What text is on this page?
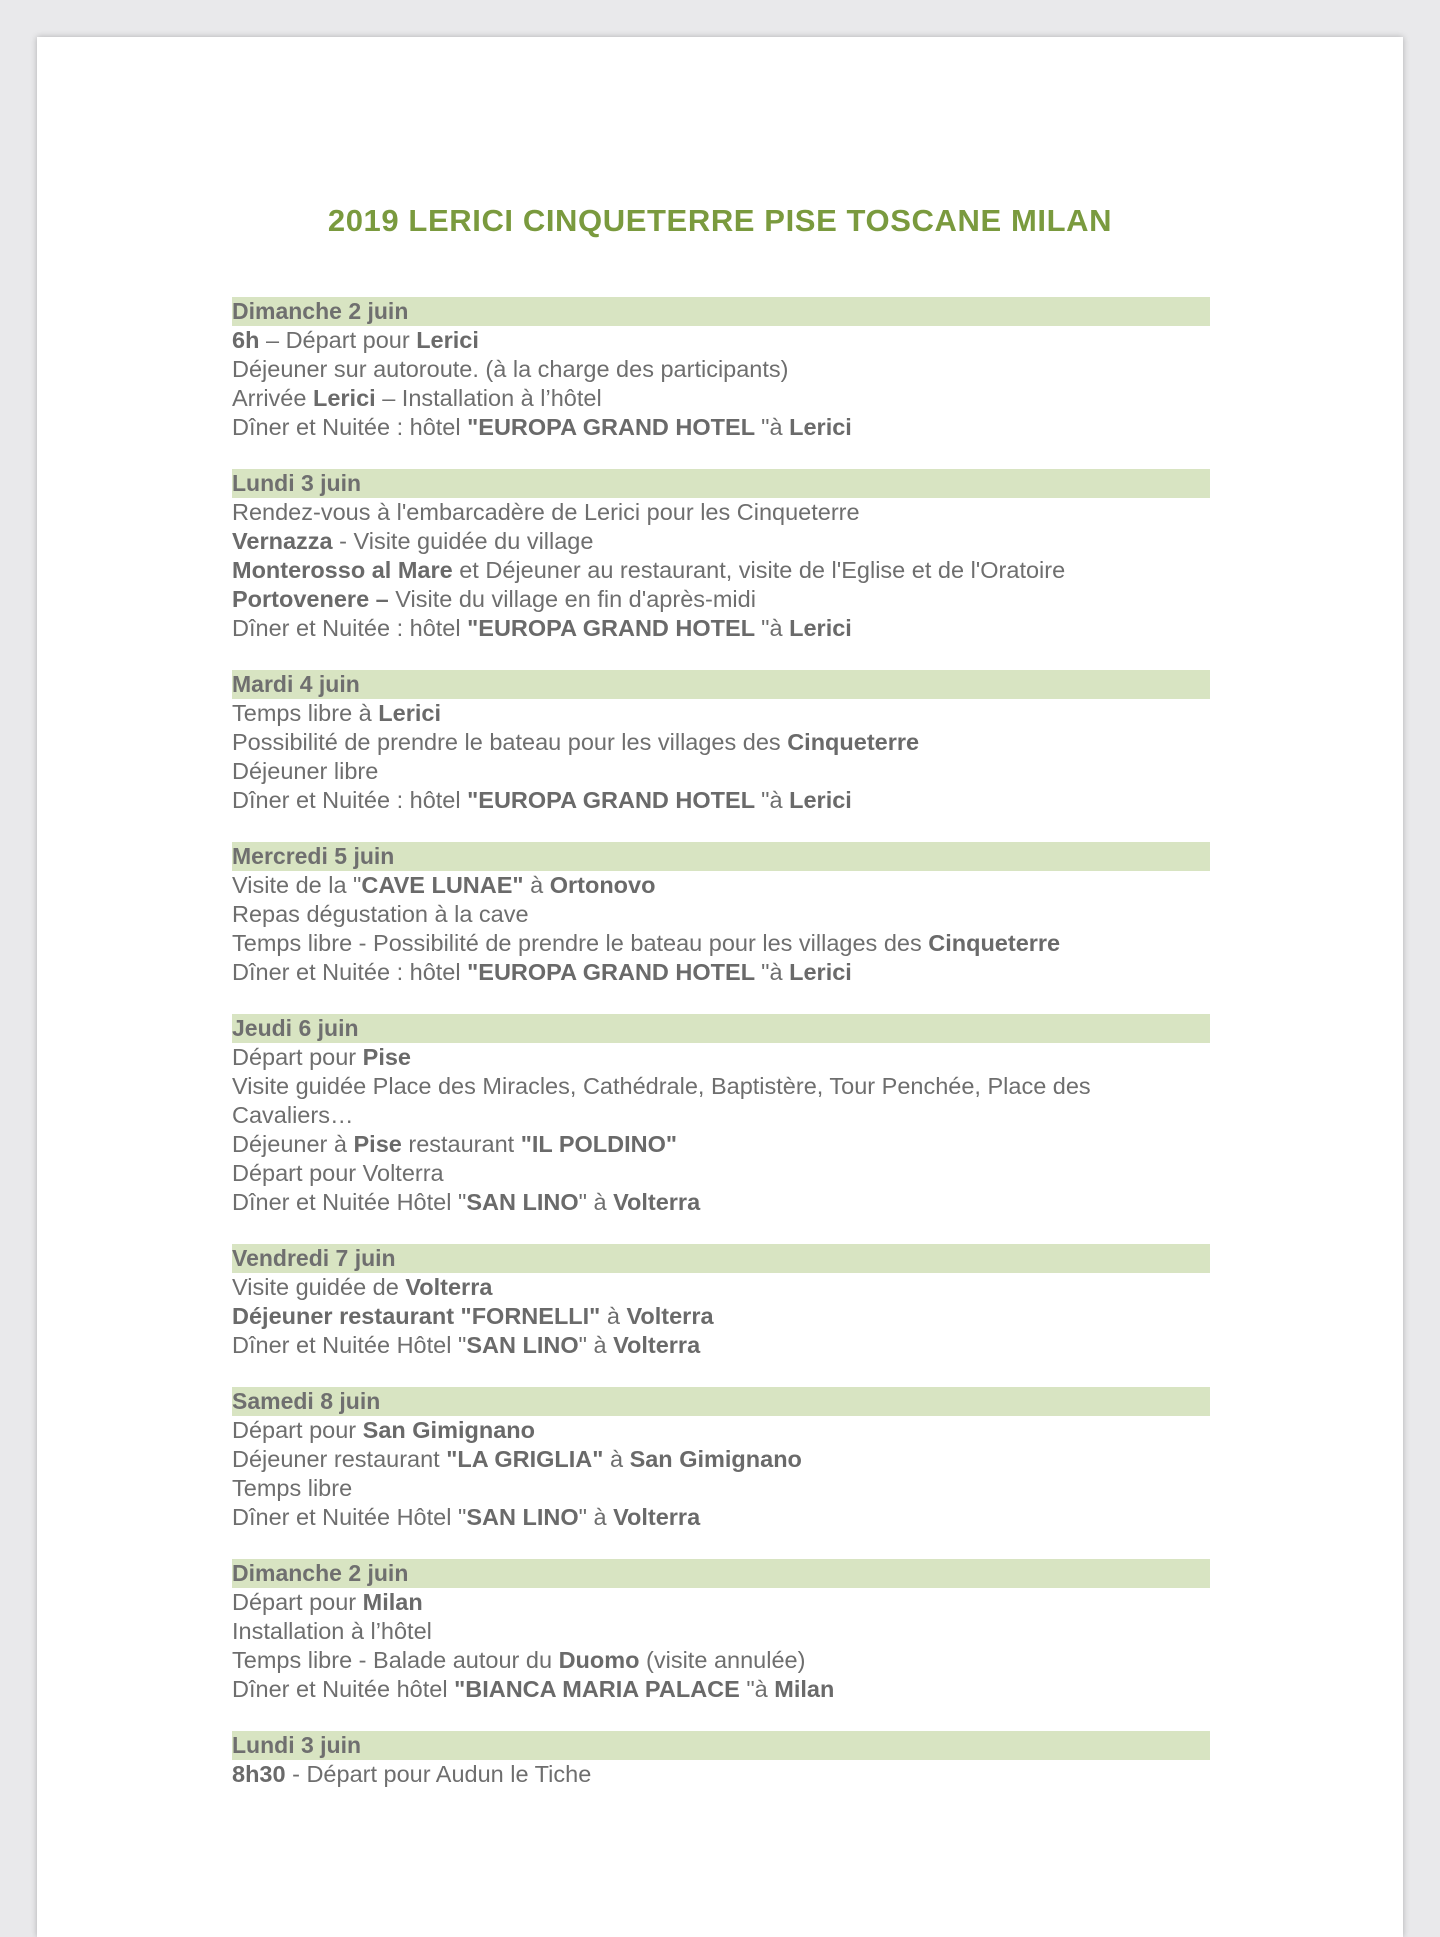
2019 LERICI CINQUETERRE PISE TOSCANE MILAN
Dimanche 2 juin
6h – Départ pour Lerici
Déjeuner sur autoroute. (à la charge des participants)
Arrivée Lerici – Installation à l’hôtel
Dîner et Nuitée : hôtel "EUROPA GRAND HOTEL "à Lerici
Lundi 3 juin
Rendez-vous à l'embarcadère de Lerici pour les Cinqueterre
Vernazza - Visite guidée du village
Monterosso al Mare et Déjeuner au restaurant, visite de l'Eglise et de l'Oratoire
Portovenere – Visite du village en fin d'après-midi
Dîner et Nuitée : hôtel "EUROPA GRAND HOTEL "à Lerici
Mardi 4 juin
Temps libre à Lerici
Possibilité de prendre le bateau pour les villages des Cinqueterre
Déjeuner libre
Dîner et Nuitée : hôtel "EUROPA GRAND HOTEL "à Lerici
Mercredi 5 juin
Visite de la "CAVE LUNAE" à Ortonovo
Repas dégustation à la cave
Temps libre - Possibilité de prendre le bateau pour les villages des Cinqueterre
Dîner et Nuitée : hôtel "EUROPA GRAND HOTEL "à Lerici
Jeudi 6 juin
Départ pour Pise
Visite guidée Place des Miracles, Cathédrale, Baptistère, Tour Penchée, Place des Cavaliers…
Déjeuner à Pise restaurant "IL POLDINO"
Départ pour Volterra
Dîner et Nuitée Hôtel "SAN LINO" à Volterra
Vendredi 7 juin
Visite guidée de Volterra
Déjeuner restaurant "FORNELLI" à Volterra
Dîner et Nuitée Hôtel "SAN LINO" à Volterra
Samedi 8 juin
Départ pour San Gimignano
Déjeuner restaurant "LA GRIGLIA" à San Gimignano
Temps libre
Dîner et Nuitée Hôtel "SAN LINO" à Volterra
Dimanche 2 juin
Départ pour Milan
Installation à l’hôtel
Temps libre - Balade autour du Duomo (visite annulée)
Dîner et Nuitée hôtel "BIANCA MARIA PALACE "à Milan
Lundi 3 juin
8h30 - Départ pour Audun le Tiche
